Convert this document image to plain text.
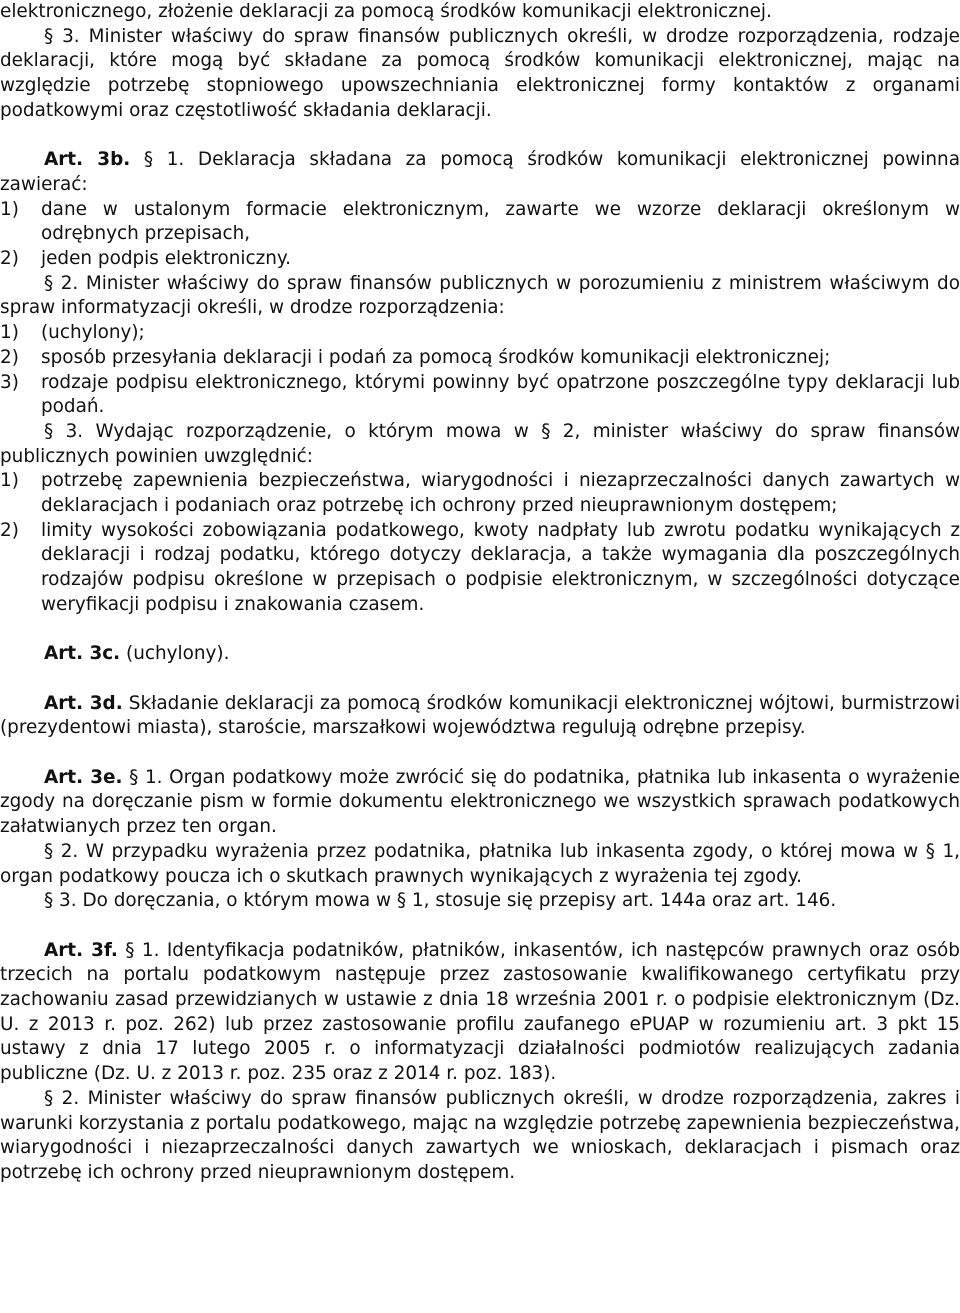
elektronicznego, złożenie deklaracji za pomocą środków komunikacji elektronicznej.

§ 3. Minister właściwy do spraw finansów publicznych określi, w drodze rozporządzenia, rodzaje deklaracji, które mogą być składane za pomocą środków komunikacji elektronicznej, mając na względzie potrzebę stopniowego upowszechniania elektronicznej formy kontaktów z organami podatkowymi oraz częstotliwość składania deklaracji.

Art. 3b. § 1. Deklaracja składana za pomocą środków komunikacji elektronicznej powinna zawierać:

1) dane w ustalonym formacie elektronicznym, zawarte we wzorze deklaracji określonym w odrębnych przepisach,

2) jeden podpis elektroniczny.

§ 2. Minister właściwy do spraw finansów publicznych w porozumieniu z ministrem właściwym do spraw informatyzacji określi, w drodze rozporządzenia:

1) (uchylony);

2) sposób przesyłania deklaracji i podań za pomocą środków komunikacji elektronicznej;

3) rodzaje podpisu elektronicznego, którymi powinny być opatrzone poszczególne typy deklaracji lub podań.

§ 3. Wydając rozporządzenie, o którym mowa w § 2, minister właściwy do spraw finansów publicznych powinien uwzględnić:

1) potrzebę zapewnienia bezpieczeństwa, wiarygodności i niezaprzeczalności danych zawartych w deklaracjach i podaniach oraz potrzebę ich ochrony przed nieuprawnionym dostępem;

2) limity wysokości zobowiązania podatkowego, kwoty nadpłaty lub zwrotu podatku wynikających z deklaracji i rodzaj podatku, którego dotyczy deklaracja, a także wymagania dla poszczególnych rodzajów podpisu określone w przepisach o podpisie elektronicznym, w szczególności dotyczące weryfikacji podpisu i znakowania czasem.

Art. 3c. (uchylony).

Art. 3d. Składanie deklaracji za pomocą środków komunikacji elektronicznej wójtowi, burmistrzowi (prezydentowi miasta), staroście, marszałkowi województwa regulują odrębne przepisy.

Art. 3e. § 1. Organ podatkowy może zwrócić się do podatnika, płatnika lub inkasenta o wyrażenie zgody na doręczanie pism w formie dokumentu elektronicznego we wszystkich sprawach podatkowych załatwianych przez ten organ.

§ 2. W przypadku wyrażenia przez podatnika, płatnika lub inkasenta zgody, o której mowa w § 1, organ podatkowy poucza ich o skutkach prawnych wynikających z wyrażenia tej zgody.

§ 3. Do doręczania, o którym mowa w § 1, stosuje się przepisy art. 144a oraz art. 146.

Art. 3f. § 1. Identyfikacja podatników, płatników, inkasentów, ich następców prawnych oraz osób trzecich na portalu podatkowym następuje przez zastosowanie kwalifikowanego certyfikatu przy zachowaniu zasad przewidzianych w ustawie z dnia 18 września 2001 r. o podpisie elektronicznym (Dz. U. z 2013 r. poz. 262) lub przez zastosowanie profilu zaufanego ePUAP w rozumieniu art. 3 pkt 15 ustawy z dnia 17 lutego 2005 r. o informatyzacji działalności podmiotów realizujących zadania publiczne (Dz. U. z 2013 r. poz. 235 oraz z 2014 r. poz. 183).

§ 2. Minister właściwy do spraw finansów publicznych określi, w drodze rozporządzenia, zakres i warunki korzystania z portalu podatkowego, mając na względzie potrzebę zapewnienia bezpieczeństwa, wiarygodności i niezaprzeczalności danych zawartych we wnioskach, deklaracjach i pismach oraz potrzebę ich ochrony przed nieuprawnionym dostępem.
